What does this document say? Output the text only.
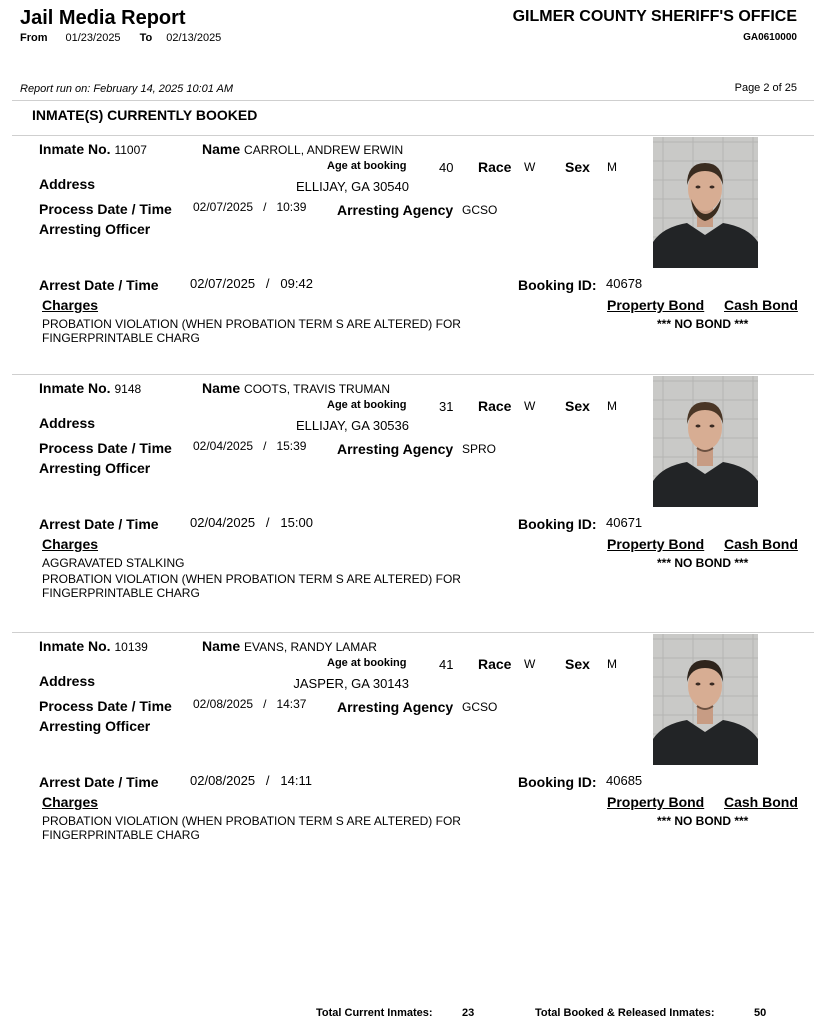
Jail Media Report
From 01/23/2025 To 02/13/2025
GILMER COUNTY SHERIFF'S OFFICE
GA0610000
Report run on: February 14, 2025 10:01 AM	Page 2 of 25
INMATE(S) CURRENTLY BOOKED
Inmate No. 11007	Name CARROLL, ANDREW ERWIN
Age at booking	40 Race W Sex M
Address	ELLIJAY, GA 30540
Process Date / Time 02/07/2025 / 10:39 Arresting Agency GCSO
Arresting Officer
Arrest Date / Time 02/07/2025 / 09:42	Booking ID: 40678
Charges	Property Bond Cash Bond
*** NO BOND ***
PROBATION VIOLATION (WHEN PROBATION TERM S ARE ALTERED) FOR FINGERPRINTABLE CHARG
Inmate No. 9148	Name COOTS, TRAVIS TRUMAN
Age at booking	31 Race W Sex M
Address	ELLIJAY, GA 30536
Process Date / Time 02/04/2025 / 15:39 Arresting Agency SPRO
Arresting Officer
Arrest Date / Time 02/04/2025 / 15:00	Booking ID: 40671
Charges	Property Bond Cash Bond
*** NO BOND ***
AGGRAVATED STALKING
PROBATION VIOLATION (WHEN PROBATION TERM S ARE ALTERED) FOR FINGERPRINTABLE CHARG
Inmate No. 10139	Name EVANS, RANDY LAMAR
Age at booking	41 Race W Sex M
Address	JASPER, GA 30143
Process Date / Time 02/08/2025 / 14:37 Arresting Agency GCSO
Arresting Officer
Arrest Date / Time 02/08/2025 / 14:11	Booking ID: 40685
Charges	Property Bond Cash Bond
*** NO BOND ***
PROBATION VIOLATION (WHEN PROBATION TERM S ARE ALTERED) FOR FINGERPRINTABLE CHARG
Total Current Inmates:	23	Total Booked & Released Inmates:	50
